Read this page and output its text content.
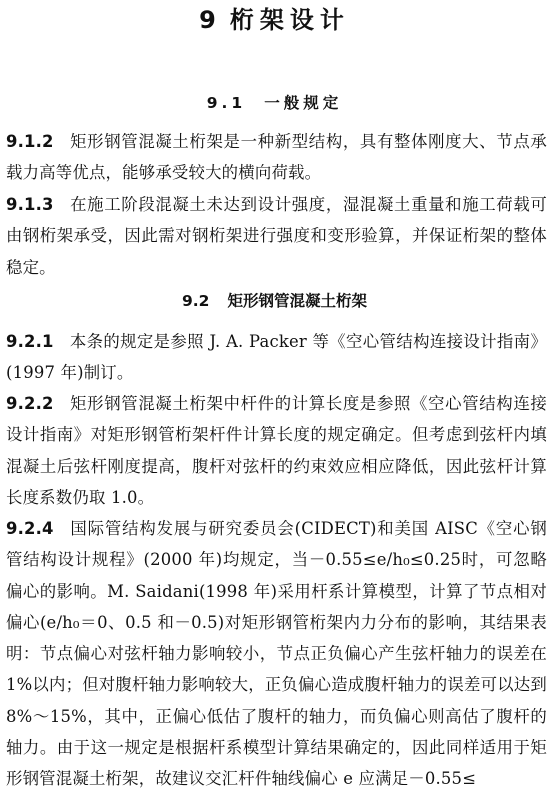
9 桁架设计
9.1 一般规定
9.1.2 矩形钢管混凝土桁架是一种新型结构，具有整体刚度大、节点承载力高等优点，能够承受较大的横向荷载。
9.1.3 在施工阶段混凝土未达到设计强度，湿混凝土重量和施工荷载可由钢桁架承受，因此需对钢桁架进行强度和变形验算，并保证桁架的整体稳定。
9.2 矩形钢管混凝土桁架
9.2.1 本条的规定是参照 J. A. Packer 等《空心管结构连接设计指南》(1997 年)制订。
9.2.2 矩形钢管混凝土桁架中杆件的计算长度是参照《空心管结构连接设计指南》对矩形钢管桁架杆件计算长度的规定确定。但考虑到弦杆内填混凝土后弦杆刚度提高，腹杆对弦杆的约束效应相应降低，因此弦杆计算长度系数仍取 1.0。
9.2.4 国际管结构发展与研究委员会(CIDECT)和美国 AISC《空心钢管结构设计规程》(2000 年)均规定，当－0.55≤e/h₀≤0.25时，可忽略偏心的影响。M. Saidani(1998 年)采用杆系计算模型，计算了节点相对偏心(e/h₀＝0、0.5 和－0.5)对矩形钢管桁架内力分布的影响，其结果表明：节点偏心对弦杆轴力影响较小，节点正负偏心产生弦杆轴力的误差在 1%以内；但对腹杆轴力影响较大，正负偏心造成腹杆轴力的误差可以达到 8%～15%，其中，正偏心低估了腹杆的轴力，而负偏心则高估了腹杆的轴力。由于这一规定是根据杆系模型计算结果确定的，因此同样适用于矩形钢管混凝土桁架，故建议交汇杆件轴线偏心 e 应满足－0.55≤
